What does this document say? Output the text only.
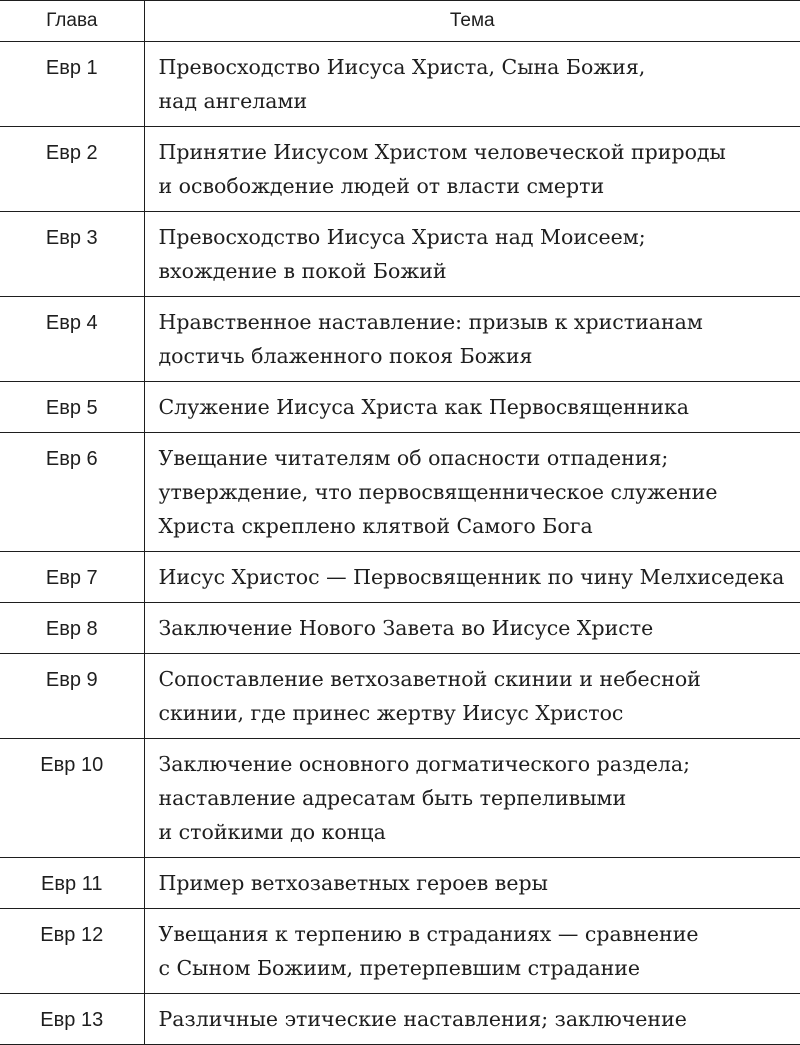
Глава	Тема
Евр 1	Превосходство Иисуса Христа, Сына Божия,
над ангелами
Евр 2	Принятие Иисусом Христом человеческой природы
и освобождение людей от власти смерти
Евр 3	Превосходство Иисуса Христа над Моисеем;
вхождение в покой Божий
Евр 4	Нравственное наставление: призыв к христианам
достичь блаженного покоя Божия
Евр 5	Служение Иисуса Христа как Первосвященника
Евр 6	Увещание читателям об опасности отпадения;
утверждение, что первосвященническое служение
Христа скреплено клятвой Самого Бога
Евр 7	Иисус Христос — Первосвященник по чину Мелхиседека
Евр 8	Заключение Нового Завета во Иисусе Христе
Евр 9	Сопоставление ветхозаветной скинии и небесной
скинии, где принес жертву Иисус Христос
Евр 10	Заключение основного догматического раздела;
наставление адресатам быть терпеливыми
и стойкими до конца
Евр 11	Пример ветхозаветных героев веры
Евр 12	Увещания к терпению в страданиях — сравнение
с Сыном Божиим, претерпевшим страдание
Евр 13	Различные этические наставления; заключение
